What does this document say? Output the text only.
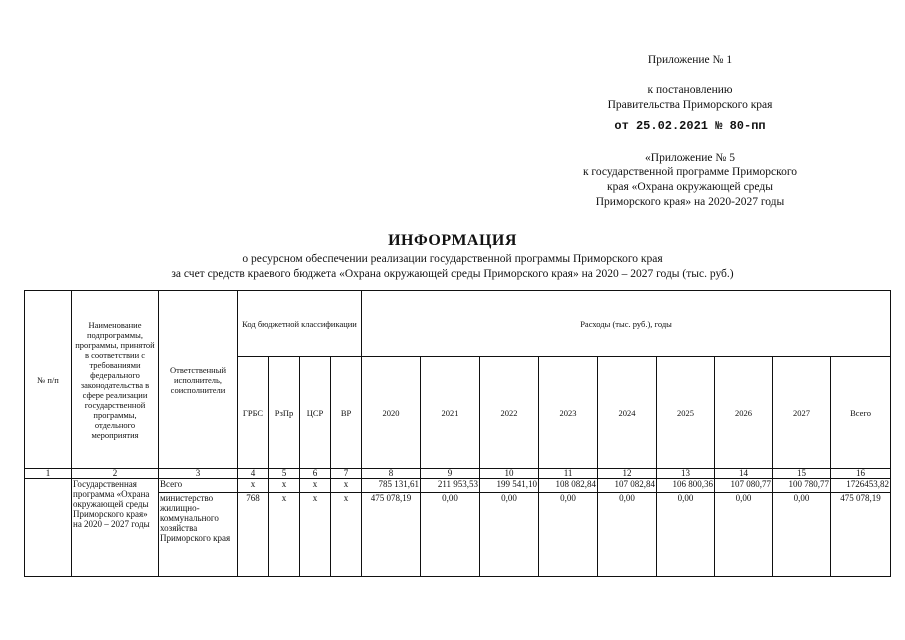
Приложение № 1
к постановлению
Правительства Приморского края
от 25.02.2021 № 80-пп
«Приложение № 5
к государственной программе Приморского
края «Охрана окружающей среды
Приморского края» на 2020-2027 годы
ИНФОРМАЦИЯ
о ресурсном обеспечении реализации государственной программы Приморского края
за счет средств краевого бюджета «Охрана окружающей среды Приморского края» на 2020 – 2027 годы (тыс. руб.)
№ п/п	Наименование подпрограммы, программы, принятой в соответствии с требованиями федерального законодательства в сфере реализации государственной программы, отдельного мероприятия	Ответственный исполнитель, соисполнители	Код бюджетной классификации				Расходы (тыс. руб.), годы								
			ГРБС	РзПр	ЦСР	ВР	2020	2021	2022	2023	2024	2025	2026	2027	Всего
1	2	3	4	5	6	7	8	9	10	11	12	13	14	15	16
	Государственная программа «Охрана окружающей среды Приморского края» на 2020 – 2027 годы	Всего	x	x	x	x	785 131,61	211 953,53	199 541,10	108 082,84	107 082,84	106 800,36	107 080,77	100 780,77	1726453,82
		министерство жилищно-коммунального хозяйства Приморского края	768	x	x	x	475 078,19	0,00	0,00	0,00	0,00	0,00	0,00	0,00	475 078,19
